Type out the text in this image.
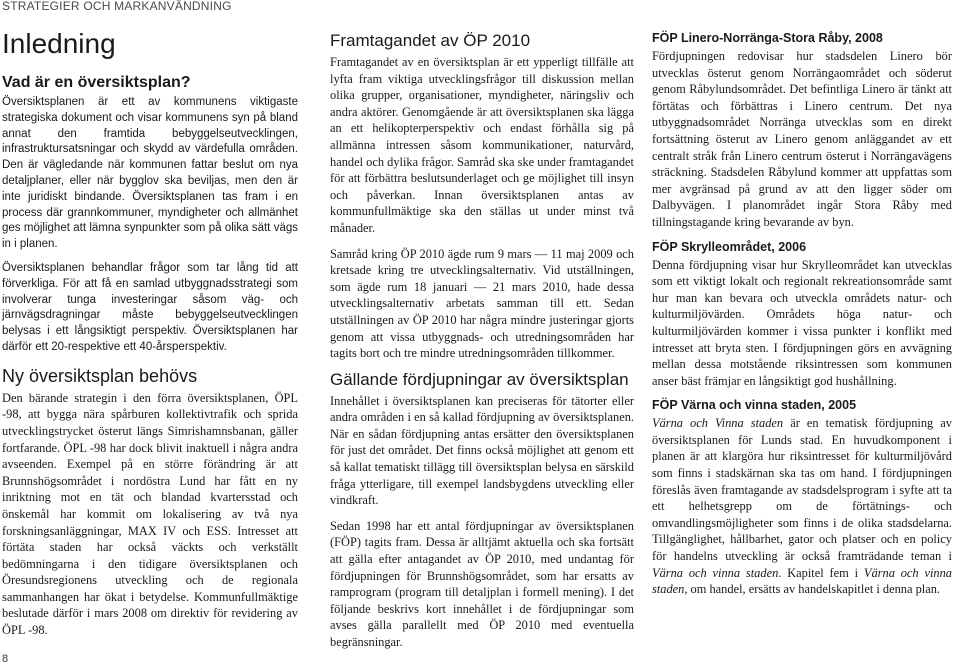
STRATEGIER OCH MARKANVÄNDNING
Inledning
Vad är en översiktsplan?

Översiktsplanen är ett av kommunens viktigaste strategiska dokument och visar kommunens syn på bland annat den framtida bebyggelseutvecklingen, infrastruktursatsningar och skydd av värdefulla områden. Den är vägledande när kommunen fattar beslut om nya detaljplaner, eller när bygglov ska beviljas, men den är inte juridiskt bindande. Översiktsplanen tas fram i en process där grannkommuner, myndigheter och allmänhet ges möjlighet att lämna synpunkter som på olika sätt vägs in i planen.

Översiktsplanen behandlar frågor som tar lång tid att förverkliga. För att få en samlad utbyggnadsstrategi som involverar tunga investeringar såsom väg- och järnvägsdragningar måste bebyggelseutvecklingen belysas i ett långsiktigt perspektiv. Översiktsplanen har därför ett 20-respektive ett 40-årsperspektiv.

Ny översiktsplan behövs

Den bärande strategin i den förra översiktsplanen, ÖPL -98, att bygga nära spårburen kollektivtrafik och sprida utvecklingstrycket österut längs Simrishamnsbanan, gäller fortfarande. ÖPL -98 har dock blivit inaktuell i några andra avseenden. Exempel på en större förändring är att Brunnshögsområdet i nordöstra Lund har fått en ny inriktning mot en tät och blandad kvartersstad och önskemål har kommit om lokalisering av två nya forskningsanläggningar, MAX IV och ESS. Intresset att förtäta staden har också väckts och verkställt bedömningarna i den tidigare översiktsplanen och Öresundsregionens utveckling och de regionala sammanhangen har ökat i betydelse. Kommunfullmäktige beslutade därför i mars 2008 om direktiv för revidering av ÖPL -98.

Framtagandet av ÖP 2010

Framtagandet av en översiktsplan är ett ypperligt tillfälle att lyfta fram viktiga utvecklingsfrågor till diskussion mellan olika grupper, organisationer, myndigheter, näringsliv och andra aktörer. Genomgående är att översiktsplanen ska lägga an ett helikopterperspektiv och endast förhålla sig på allmänna intressen såsom kommunikationer, naturvård, handel och dylika frågor. Samråd ska ske under framtagandet för att förbättra beslutsunderlaget och ge möjlighet till insyn och påverkan. Innan översiktsplanen antas av kommunfullmäktige ska den ställas ut under minst två månader.

Samråd kring ÖP 2010 ägde rum 9 mars — 11 maj 2009 och kretsade kring tre utvecklingsalternativ. Vid utställningen, som ägde rum 18 januari — 21 mars 2010, hade dessa utvecklingsalternativ arbetats samman till ett. Sedan utställningen av ÖP 2010 har några mindre justeringar gjorts genom att vissa utbyggnads- och utredningsområden har tagits bort och tre mindre utredningsområden tillkommer.

Gällande fördjupningar av översiktsplan

Innehållet i översiktsplanen kan preciseras för tätorter eller andra områden i en så kallad fördjupning av översiktsplanen. När en sådan fördjupning antas ersätter den översiktsplanen för just det området. Det finns också möjlighet att genom ett så kallat tematiskt tillägg till översiktsplan belysa en särskild fråga ytterligare, till exempel landsbygdens utveckling eller vindkraft.

Sedan 1998 har ett antal fördjupningar av översiktsplanen (FÖP) tagits fram. Dessa är alltjämt aktuella och ska fortsätt att gälla efter antagandet av ÖP 2010, med undantag för fördjupningen för Brunnshögsområdet, som har ersatts av ramprogram (program till detaljplan i formell mening). I det följande beskrivs kort innehållet i de fördjupningar som avses gälla parallellt med ÖP 2010 med eventuella begränsningar.

FÖP Linero-Norränga-Stora Råby, 2008

Fördjupningen redovisar hur stadsdelen Linero bör utvecklas österut genom Norrängaområdet och söderut genom Råbylundsområdet. Det befintliga Linero är tänkt att förtätas och förbättras i Linero centrum. Det nya utbyggnadsområdet Norränga utvecklas som en direkt fortsättning österut av Linero genom anläggandet av ett centralt stråk från Linero centrum österut i Norrängavägens sträckning. Stadsdelen Råbylund kommer att uppfattas som mer avgränsad på grund av att den ligger söder om Dalbyvägen. I planområdet ingår Stora Råby med tillningstagande kring bevarande av byn.

FÖP Skrylleområdet, 2006

Denna fördjupning visar hur Skrylleområdet kan utvecklas som ett viktigt lokalt och regionalt rekreationsområde samt hur man kan bevara och utveckla områdets natur- och kulturmiljövärden. Områdets höga natur- och kulturmiljövärden kommer i vissa punkter i konflikt med intresset att bryta sten. I fördjupningen görs en avvägning mellan dessa motstående riksintressen som kommunen anser bäst främjar en långsiktigt god hushållning.

FÖP Värna och vinna staden, 2005

Värna och Vinna staden är en tematisk fördjupning av översiktsplanen för Lunds stad. En huvudkomponent i planen är att klargöra hur riksintresset för kulturmiljövård som finns i stadskärnan ska tas om hand. I fördjupningen föreslås även framtagande av stadsdelsprogram i syfte att ta ett helhetsgrepp om de förtätnings- och omvandlingsmöjligheter som finns i de olika stadsdelarna. Tillgänglighet, hållbarhet, gator och platser och en policy för handelns utveckling är också framträdande teman i Värna och vinna staden. Kapitel fem i Värna och vinna staden, om handel, ersätts av handelskapitlet i denna plan.

8
